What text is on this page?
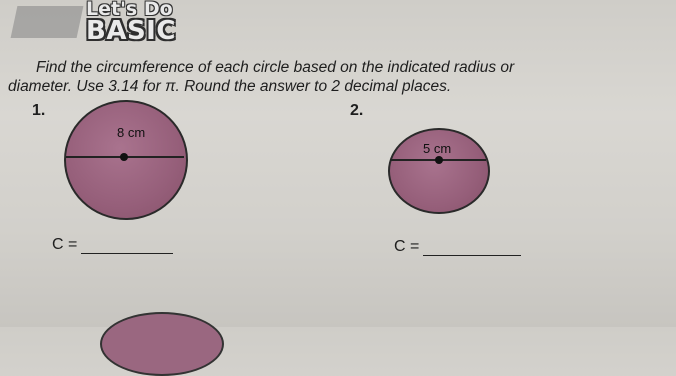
Let's Do
BASIC
Find the circumference of each circle based on the indicated radius or
diameter. Use 3.14 for π. Round the answer to 2 decimal places.
1.
8 cm
C =
2.
5 cm
C =
